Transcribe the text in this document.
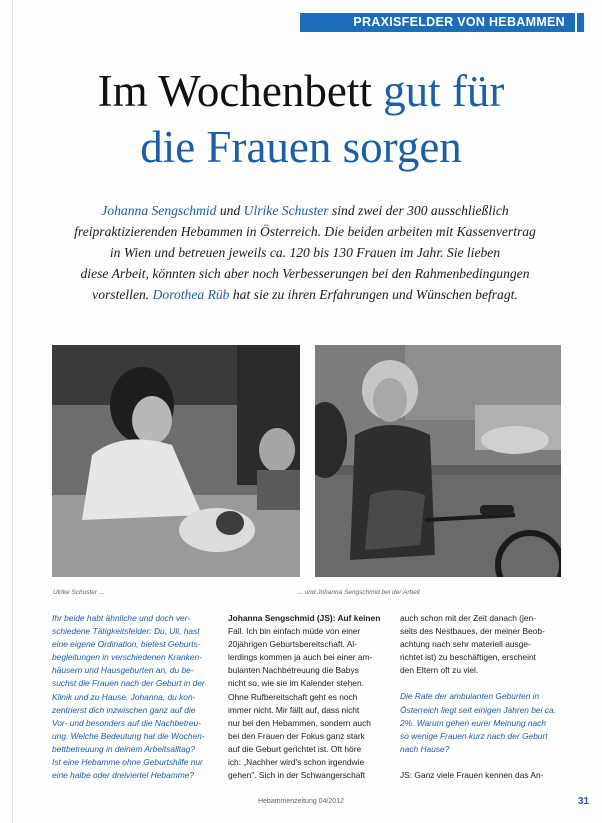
PRAXISFELDER VON HEBAMMEN
Im Wochenbett gut für
die Frauen sorgen
Johanna Sengschmid und Ulrike Schuster sind zwei der 300 ausschließlich
freipraktizierenden Hebammen in Österreich. Die beiden arbeiten mit Kassenvertrag
in Wien und betreuen jeweils ca. 120 bis 130 Frauen im Jahr. Sie lieben
diese Arbeit, könnten sich aber noch Verbesserungen bei den Rahmenbedingungen
vorstellen. Dorothea Rüb hat sie zu ihren Erfahrungen und Wünschen befragt.
Ulrike Schuster ...	... und Johanna Sengschmid bei der Arbeit

Ihr beide habt ähnliche und doch ver-

schiedene Tätigkeitsfelder: Du, Uli, hast

eine eigene Ordination, bietest Geburts-

begleitungen in verschiedenen Kranken-

häusern und Hausgeburten an, du be-

suchst die Frauen nach der Geburt in der

Klinik und zu Hause. Johanna, du kon-

zentrierst dich inzwischen ganz auf die

Vor- und besonders auf die Nachbetreu-

ung. Welche Bedeutung hat die Wochen-

bettbetreuung in deinem Arbeitsalltag?

Ist eine Hebamme ohne Geburtshilfe nur

eine halbe oder dreiviertel Hebamme?

Johanna Sengschmid (JS): Auf keinen

Fall. Ich bin einfach müde von einer

20jährigen Geburtsbereitschaft. Al-

lerdings kommen ja auch bei einer am-

bulanten Nachbetreuung die Babys

nicht so, wie sie im Kalender stehen.

Ohne Rufbereitschaft geht es noch

immer nicht. Mir fällt auf, dass nicht

nur bei den Hebammen, sondern auch

bei den Frauen der Fokus ganz stark

auf die Geburt gerichtet ist. Oft höre

ich: „Nachher wird's schon irgendwie

gehen". Sich in der Schwangerschaft

auch schon mit der Zeit danach (jen-

seits des Nestbaues, der meiner Beob-

achtung nach sehr materiell ausge-

richtet ist) zu beschäftigen, erscheint

den Eltern oft zu viel.

Die Rate der ambulanten Geburten in

Österreich liegt seit einigen Jahren bei ca.

2%. Warum gehen eurer Meinung nach

so wenige Frauen kurz nach der Geburt

nach Hause?

JS: Ganz viele Frauen kennen das An-

Hebammenzeitung 04/2012	31
